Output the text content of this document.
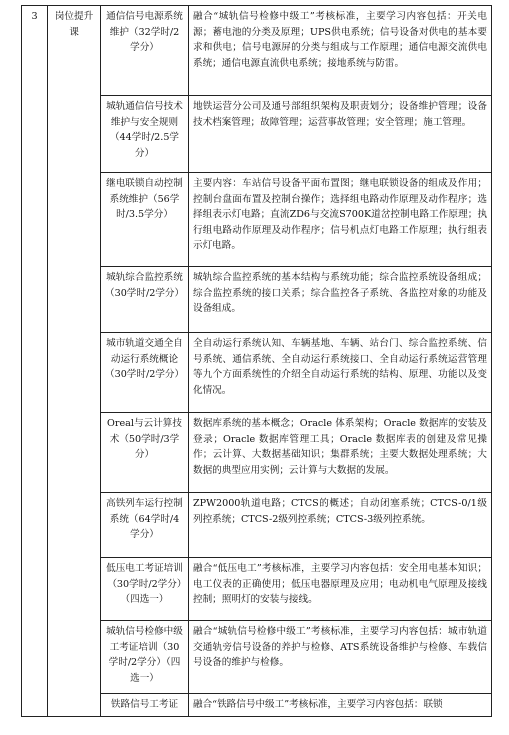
3	岗位提升课	通信信号电源系统维护（32学时/2学分）	融合“城轨信号检修中级工”考核标准，主要学习内容包括：开关电源；蓄电池的分类及原理；UPS供电系统；信号设备对供电的基本要求和供电；信号电源屏的分类与组成与工作原理；通信电源交流供电系统；通信电源直流供电系统；接地系统与防雷。
		城轨通信信号技术维护与安全规则（44学时/2.5学分）	地铁运营分公司及通号部组织架构及职责划分；设备维护管理；设备技术档案管理；故障管理；运营事故管理；安全管理；施工管理。
		继电联锁自动控制系统维护（56学时/3.5学分）	主要内容：车站信号设备平面布置图；继电联锁设备的组成及作用；控制台盘面布置及控制台操作；选择组电路动作原理及动作程序；选择组表示灯电路；直流ZD6与交流S700K道岔控制电路工作原理；执行组电路动作原理及动作程序；信号机点灯电路工作原理；执行组表示灯电路。
		城轨综合监控系统（30学时/2学分）	城轨综合监控系统的基本结构与系统功能；综合监控系统设备组成；综合监控系统的接口关系；综合监控各子系统、各监控对象的功能及设备组成。
		城市轨道交通全自动运行系统概论（30学时/2学分）	全自动运行系统认知、车辆基地、车辆、站台门、综合监控系统、信号系统、通信系统、全自动运行系统接口、全自动运行系统运营管理等九个方面系统性的介绍全自动运行系统的结构、原理、功能以及变化情况。
		Oreal与云计算技术（50学时/3学分）	数据库系统的基本概念；Oracle 体系架构；Oracle 数据库的安装及登录；Oracle 数据库管理工具；Oracle 数据库表的创建及常见操作；云计算、大数据基础知识；集群系统；主要大数据处理系统；大数据的典型应用实例；云计算与大数据的发展。
		高铁列车运行控制系统（64学时/4学分）	ZPW2000轨道电路；CTCS的概述；自动闭塞系统；CTCS-0/1级列控系统；CTCS-2级列控系统；CTCS-3级列控系统。
		低压电工考证培训（30学时/2学分）（四选一）	融合“低压电工”考核标准，主要学习内容包括：安全用电基本知识；电工仪表的正确使用；低压电器原理及应用；电动机电气原理及接线控制；照明灯的安装与接线。
		城轨信号检修中级工考证培训（30学时/2学分）（四选一）	融合“城轨信号检修中级工”考核标准，主要学习内容包括：城市轨道交通轨旁信号设备的养护与检修、ATS系统设备维护与检修、车载信号设备的维护与检修。
		铁路信号工考证	融合“铁路信号中级工”考核标准，主要学习内容包括：联锁
